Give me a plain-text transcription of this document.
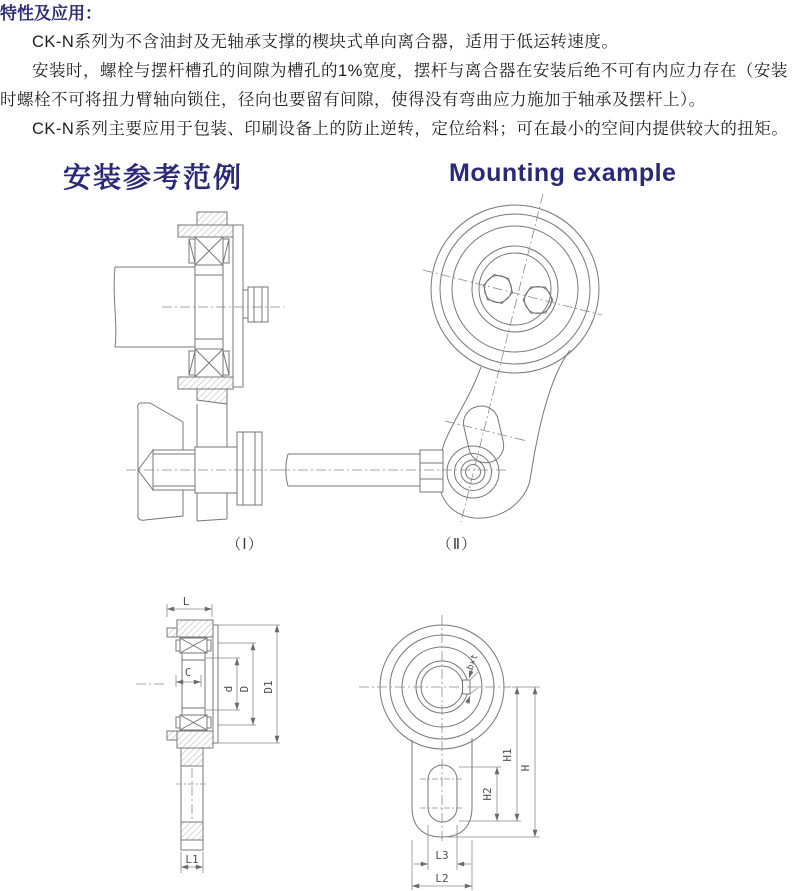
特性及应用：

CK-N系列为不含油封及无轴承支撑的楔块式单向离合器，适用于低运转速度。

安装时，螺栓与摆杆槽孔的间隙为槽孔的1%宽度，摆杆与离合器在安装后绝不可有内应力存在（安装时螺栓不可将扭力臂轴向锁住，径向也要留有间隙，使得没有弯曲应力施加于轴承及摆杆上）。

CK-N系列主要应用于包装、印刷设备上的防止逆转，定位给料；可在最小的空间内提供较大的扭矩。

安装参考范例	Mounting example
（Ⅰ）	（Ⅱ）
L
C
d D D1
L1
b×t
H1
H
H2
L3
L2
